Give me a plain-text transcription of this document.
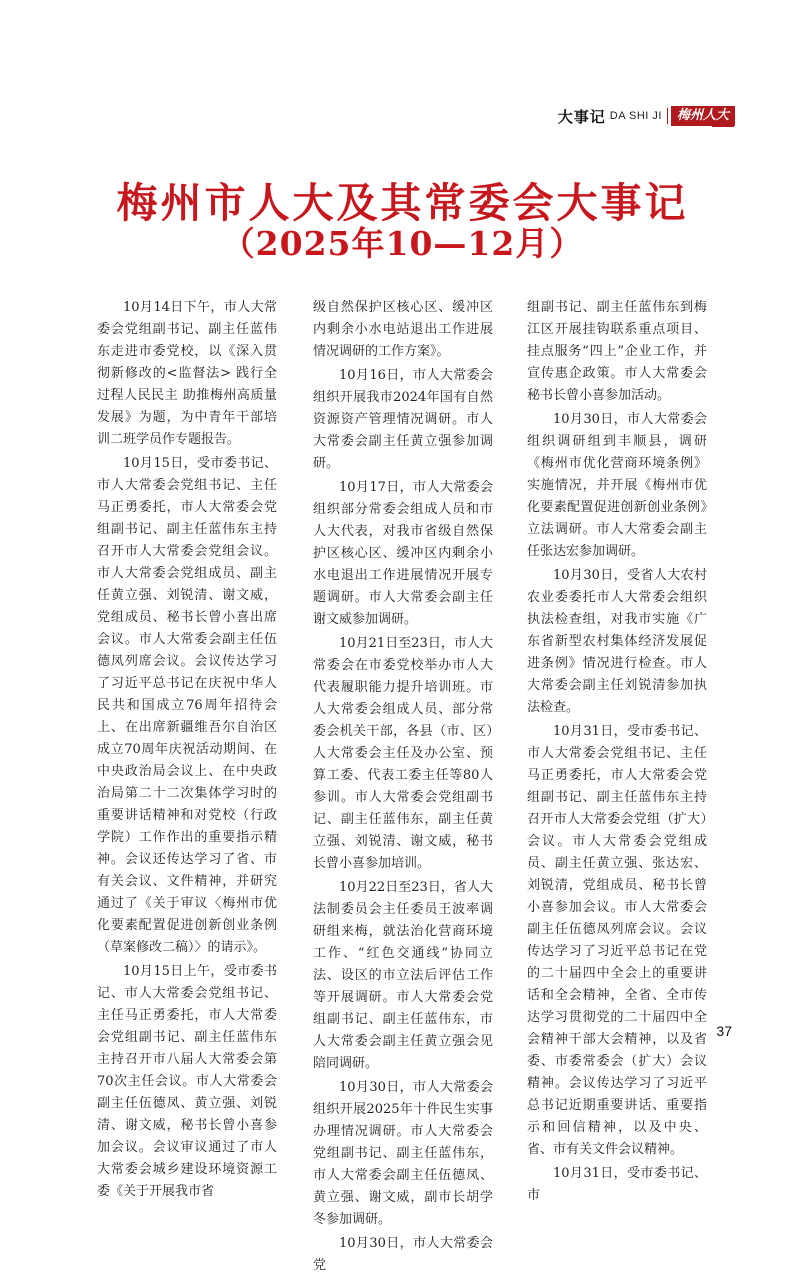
大事记 DA SHI JI	梅州人大
梅州市人大及其常委会大事记
（2025年10—12月）

10月14日下午，市人大常委会党组副书记、副主任蓝伟东走进市委党校，以《深入贯彻新修改的<监督法> 践行全过程人民民主 助推梅州高质量发展》为题，为中青年干部培训二班学员作专题报告。

10月15日，受市委书记、市人大常委会党组书记、主任马正勇委托，市人大常委会党组副书记、副主任蓝伟东主持召开市人大常委会党组会议。市人大常委会党组成员、副主任黄立强、刘锐清、谢文威，党组成员、秘书长曾小喜出席会议。市人大常委会副主任伍德凤列席会议。会议传达学习了习近平总书记在庆祝中华人民共和国成立76周年招待会上、在出席新疆维吾尔自治区成立70周年庆祝活动期间、在中央政治局会议上、在中央政治局第二十二次集体学习时的重要讲话精神和对党校（行政学院）工作作出的重要指示精神。会议还传达学习了省、市有关会议、文件精神，并研究通过了《关于审议〈梅州市优化要素配置促进创新创业条例（草案修改二稿）〉的请示》。

10月15日上午，受市委书记、市人大常委会党组书记、主任马正勇委托，市人大常委会党组副书记、副主任蓝伟东主持召开市八届人大常委会第70次主任会议。市人大常委会副主任伍德凤、黄立强、刘锐清、谢文威，秘书长曾小喜参加会议。会议审议通过了市人大常委会城乡建设环境资源工委《关于开展我市省

级自然保护区核心区、缓冲区内剩余小水电站退出工作进展情况调研的工作方案》。

10月16日，市人大常委会组织开展我市2024年国有自然资源资产管理情况调研。市人大常委会副主任黄立强参加调研。

10月17日，市人大常委会组织部分常委会组成人员和市人大代表，对我市省级自然保护区核心区、缓冲区内剩余小水电退出工作进展情况开展专题调研。市人大常委会副主任谢文威参加调研。

10月21日至23日，市人大常委会在市委党校举办市人大代表履职能力提升培训班。市人大常委会组成人员、部分常委会机关干部，各县（市、区）人大常委会主任及办公室、预算工委、代表工委主任等80人参训。市人大常委会党组副书记、副主任蓝伟东，副主任黄立强、刘锐清、谢文威，秘书长曾小喜参加培训。

10月22日至23日，省人大法制委员会主任委员王波率调研组来梅，就法治化营商环境工作、“红色交通线”协同立法、设区的市立法后评估工作等开展调研。市人大常委会党组副书记、副主任蓝伟东，市人大常委会副主任黄立强会见陪同调研。

10月30日，市人大常委会组织开展2025年十件民生实事办理情况调研。市人大常委会党组副书记、副主任蓝伟东，市人大常委会副主任伍德凤、黄立强、谢文威，副市长胡学冬参加调研。

10月30日，市人大常委会党

组副书记、副主任蓝伟东到梅江区开展挂钩联系重点项目、挂点服务“四上”企业工作，并宣传惠企政策。市人大常委会秘书长曾小喜参加活动。

10月30日，市人大常委会组织调研组到丰顺县，调研《梅州市优化营商环境条例》实施情况，并开展《梅州市优化要素配置促进创新创业条例》立法调研。市人大常委会副主任张达宏参加调研。

10月30日，受省人大农村农业委委托市人大常委会组织执法检查组，对我市实施《广东省新型农村集体经济发展促进条例》情况进行检查。市人大常委会副主任刘锐清参加执法检查。

10月31日，受市委书记、市人大常委会党组书记、主任马正勇委托，市人大常委会党组副书记、副主任蓝伟东主持召开市人大常委会党组（扩大）会议。市人大常委会党组成员、副主任黄立强、张达宏、刘锐清，党组成员、秘书长曾小喜参加会议。市人大常委会副主任伍德凤列席会议。会议传达学习了习近平总书记在党的二十届四中全会上的重要讲话和全会精神，全省、全市传达学习贯彻党的二十届四中全会精神干部大会精神，以及省委、市委常委会（扩大）会议精神。会议传达学习了习近平总书记近期重要讲话、重要指示和回信精神，以及中央、省、市有关文件会议精神。

10月31日，受市委书记、市

37
